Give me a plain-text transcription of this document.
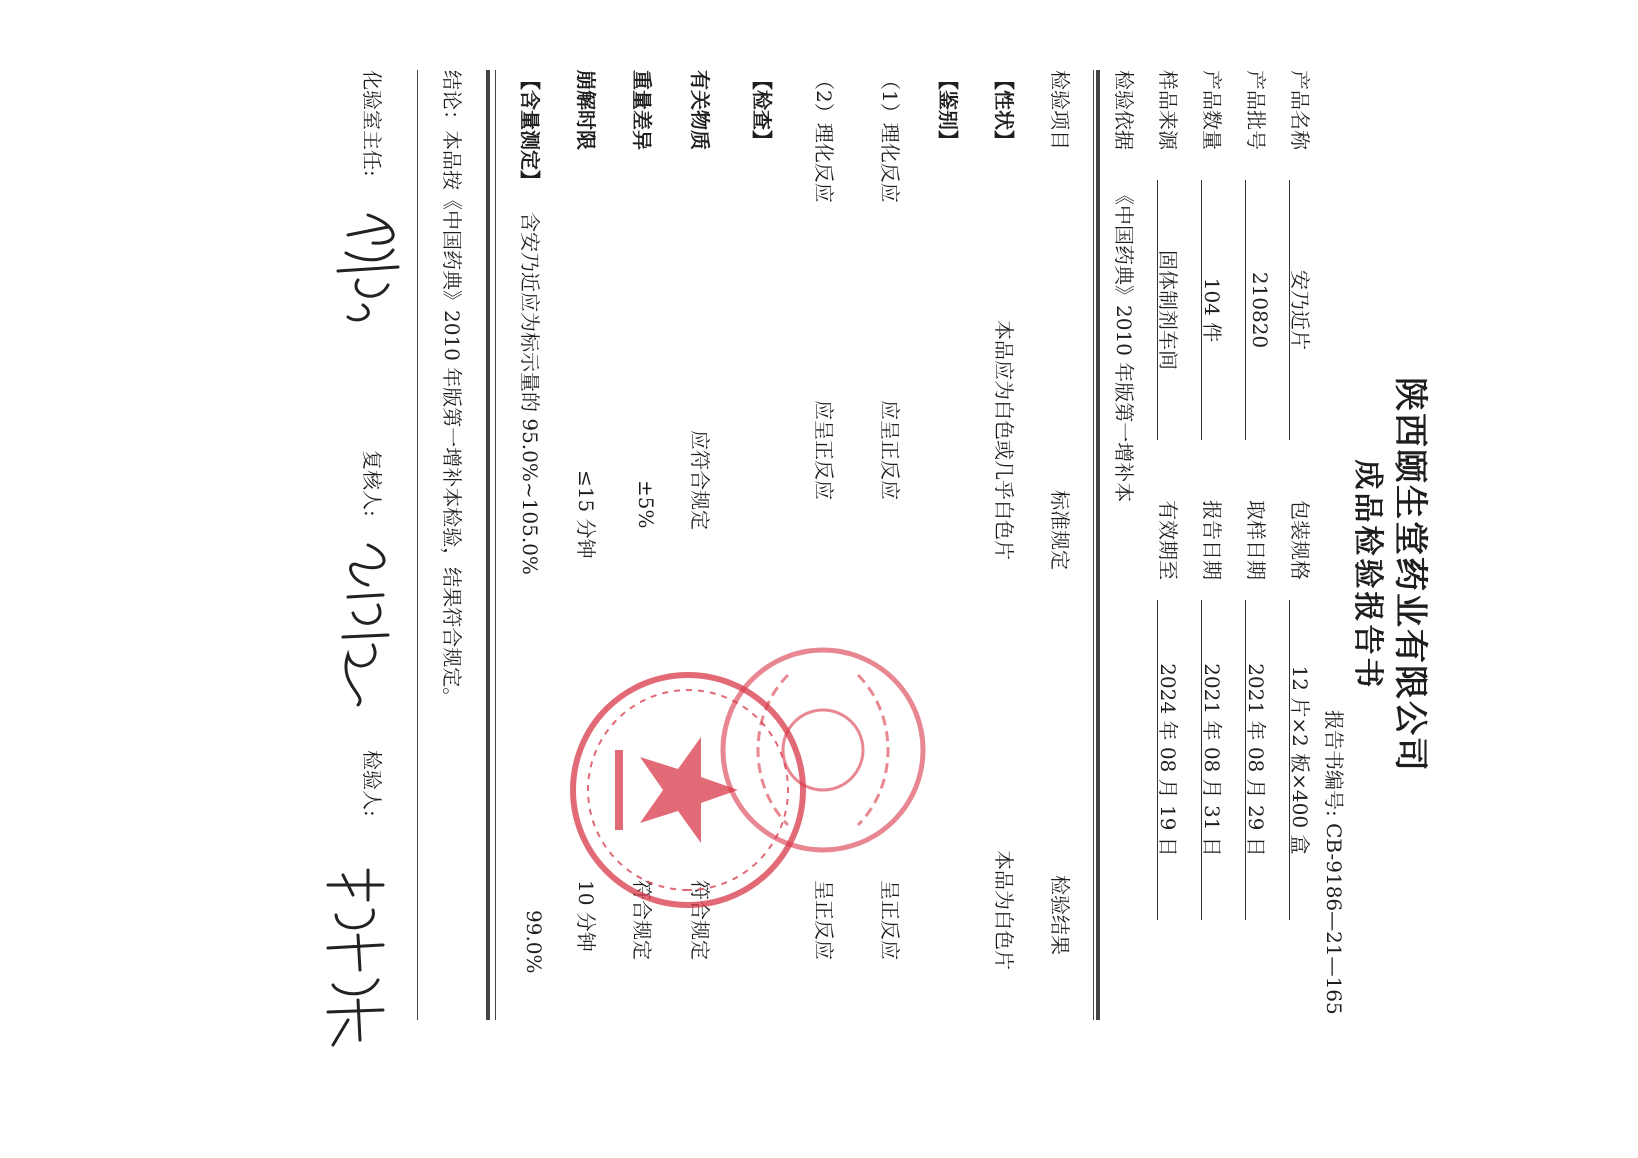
陕西颐生堂药业有限公司
成品检验报告书
报告书编号: CB-9186—21—165
产品名称
安乃近片
包装规格
12 片×2 板×400 盒
产品批号
210820
取样日期
2021 年 08 月 29 日
产品数量
104 件
报告日期
2021 年 08 月 31 日
样品来源
固体制剂车间
有效期至
2024 年 08 月 19 日
检验依据
《中国药典》2010 年版第一增补本
检验项目
标准规定
检验结果
【性状】
本品应为白色或几乎白色片
本品为白色片
【鉴别】
（1）理化反应
应呈正反应
呈正反应
（2）理化反应
应呈正反应
呈正反应
【检查】
有关物质
应符合规定
符合规定
重量差异
±5%
符合规定
崩解时限
≤15 分钟
10 分钟
【含量测定】
含安乃近应为标示量的 95.0%~105.0%
99.0%
结论：本品按《中国药典》2010 年版第一增补本检验，结果符合规定。
化验室主任:
复核人:
检验人:
